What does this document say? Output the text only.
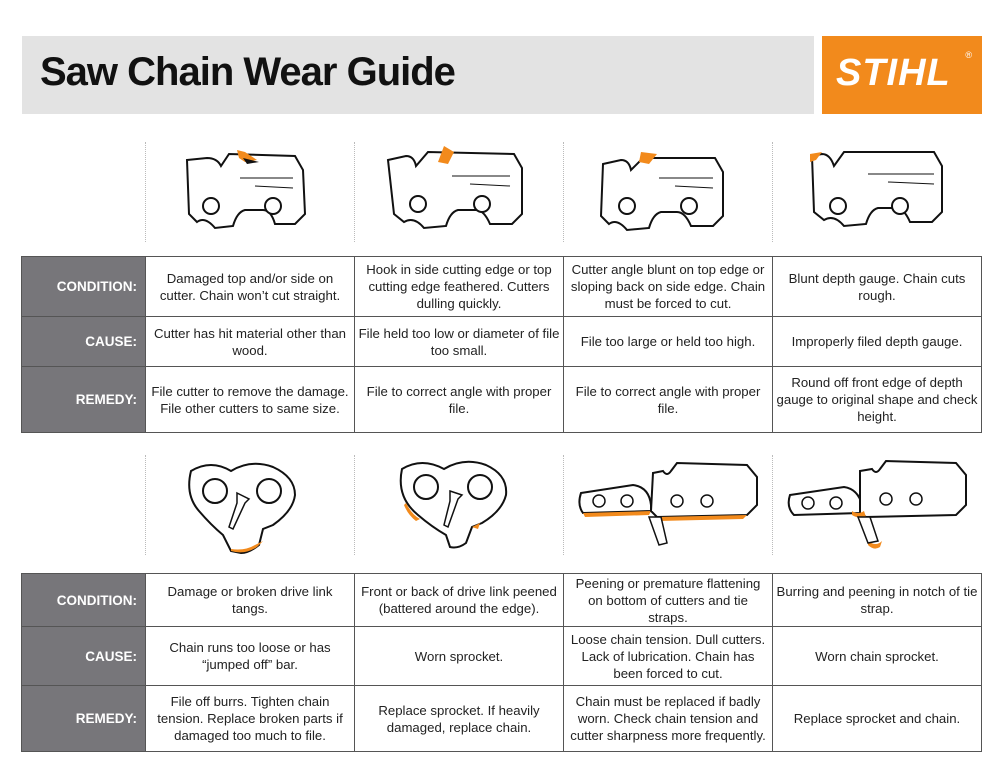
Saw Chain Wear Guide	STIHL ®
CONDITION:	Damaged top and/or side on cutter. Chain won’t cut straight.	Hook in side cutting edge or top cutting edge feathered. Cutters dulling quickly.	Cutter angle blunt on top edge or sloping back on side edge. Chain must be forced to cut.	Blunt depth gauge. Chain cuts rough.
CAUSE:	Cutter has hit material other than wood.	File held too low or diameter of file too small.	File too large or held too high.	Improperly filed depth gauge.
REMEDY:	File cutter to remove the damage. File other cutters to same size.	File to correct angle with proper file.	File to correct angle with proper file.	Round off front edge of depth gauge to original shape and check height.
CONDITION:	Damage or broken drive link tangs.	Front or back of drive link peened (battered around the edge).	Peening or premature flattening on bottom of cutters and tie straps.	Burring and peening in notch of tie strap.
CAUSE:	Chain runs too loose or has “jumped off” bar.	Worn sprocket.	Loose chain tension. Dull cutters. Lack of lubrication. Chain has been forced to cut.	Worn chain sprocket.
REMEDY:	File off burrs. Tighten chain tension. Replace broken parts if damaged too much to file.	Replace sprocket. If heavily damaged, replace chain.	Chain must be replaced if badly worn. Check chain tension and cutter sharpness more frequently.	Replace sprocket and chain.
